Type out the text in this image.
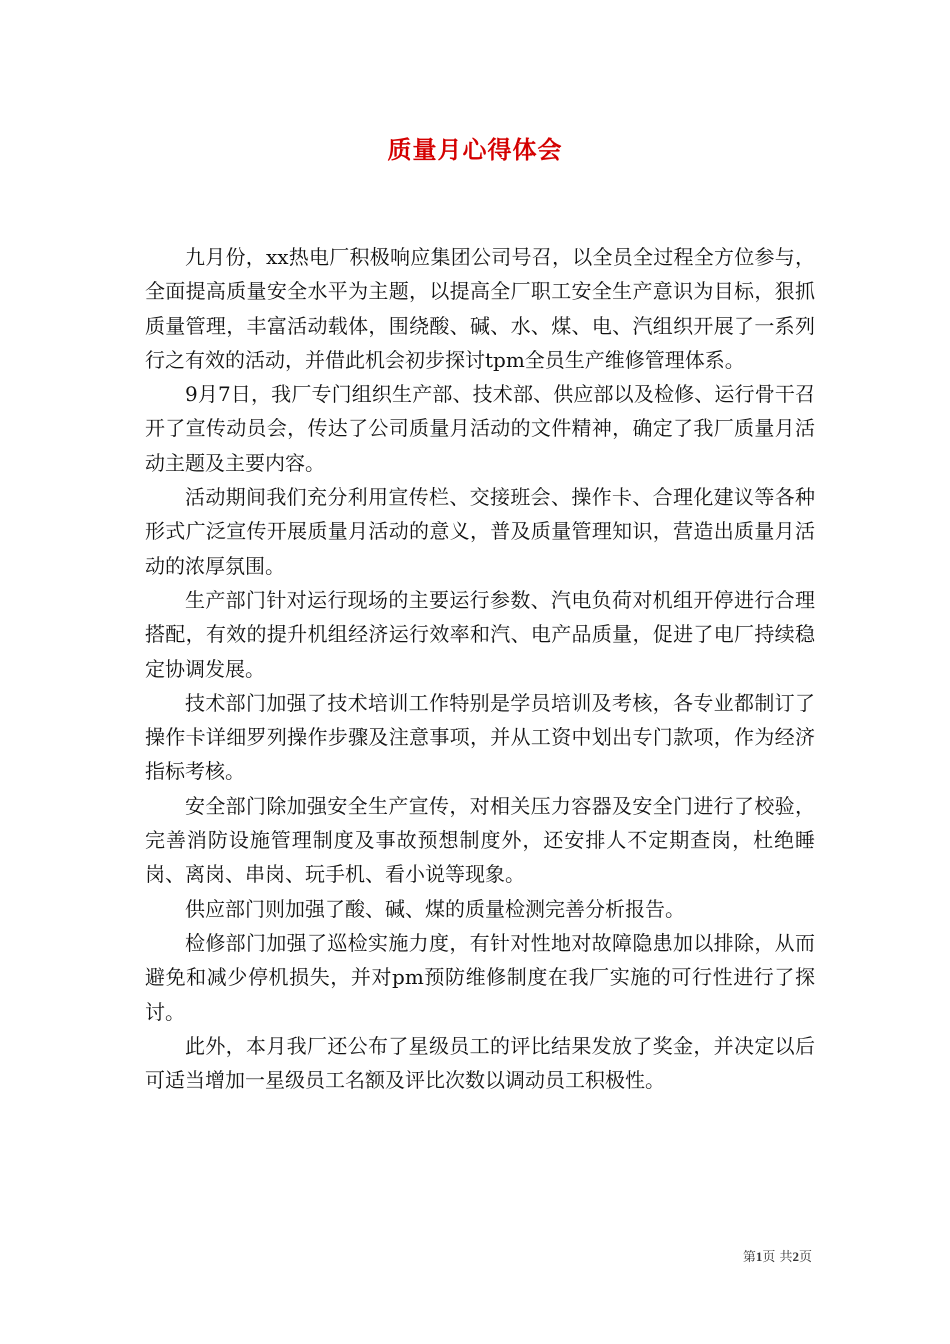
质量月心得体会

九月份，xx热电厂积极响应集团公司号召，以全员全过程全方位参与，全面提高质量安全水平为主题，以提高全厂职工安全生产意识为目标，狠抓质量管理，丰富活动载体，围绕酸、碱、水、煤、电、汽组织开展了一系列行之有效的活动，并借此机会初步探讨tpm全员生产维修管理体系。

9月7日，我厂专门组织生产部、技术部、供应部以及检修、运行骨干召开了宣传动员会，传达了公司质量月活动的文件精神，确定了我厂质量月活动主题及主要内容。

活动期间我们充分利用宣传栏、交接班会、操作卡、合理化建议等各种形式广泛宣传开展质量月活动的意义，普及质量管理知识，营造出质量月活动的浓厚氛围。

生产部门针对运行现场的主要运行参数、汽电负荷对机组开停进行合理搭配，有效的提升机组经济运行效率和汽、电产品质量，促进了电厂持续稳定协调发展。

技术部门加强了技术培训工作特别是学员培训及考核，各专业都制订了操作卡详细罗列操作步骤及注意事项，并从工资中划出专门款项，作为经济指标考核。

安全部门除加强安全生产宣传，对相关压力容器及安全门进行了校验，完善消防设施管理制度及事故预想制度外，还安排人不定期查岗，杜绝睡岗、离岗、串岗、玩手机、看小说等现象。

供应部门则加强了酸、碱、煤的质量检测完善分析报告。

检修部门加强了巡检实施力度，有针对性地对故障隐患加以排除，从而避免和减少停机损失，并对pm预防维修制度在我厂实施的可行性进行了探讨。

此外，本月我厂还公布了星级员工的评比结果发放了奖金，并决定以后可适当增加一星级员工名额及评比次数以调动员工积极性。

第1页 共2页
